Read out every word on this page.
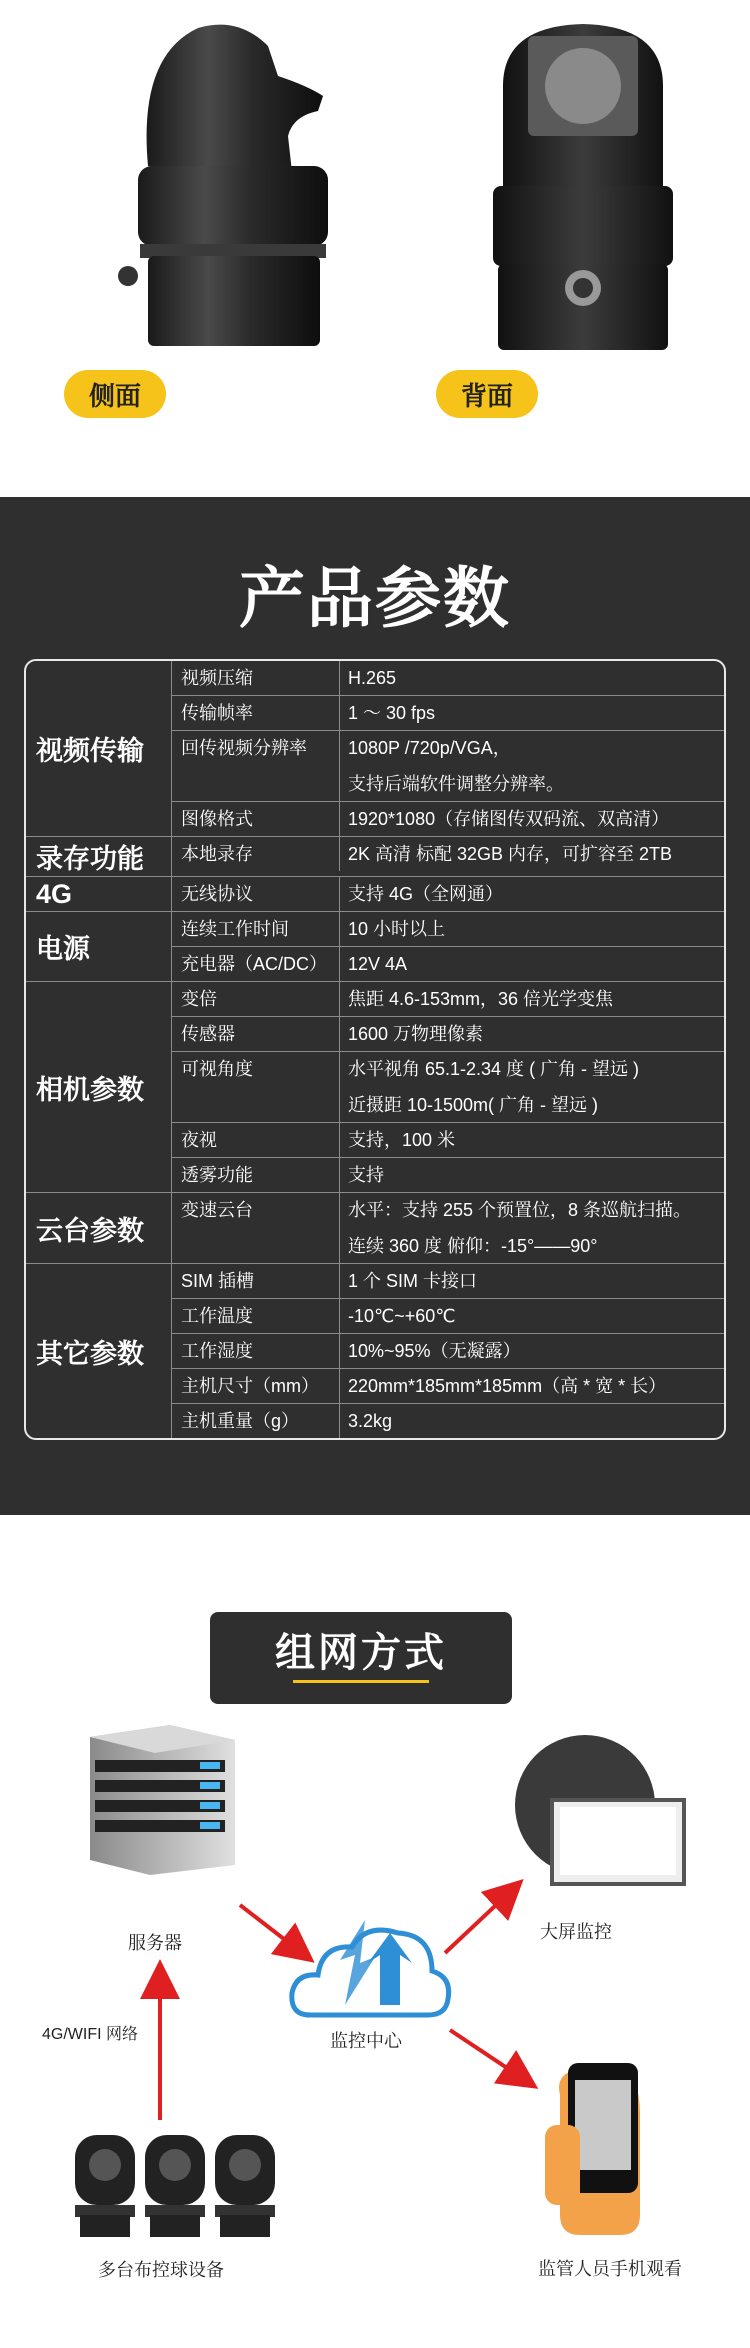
侧面	背面
产品参数
视频传输
视频压缩	H.265
传输帧率	1 ～ 30 fps
回传视频分辨率	1080P /720p/VGA，
支持后端软件调整分辨率。
图像格式	1920*1080（存储图传双码流、双高清）
录存功能	本地录存	2K 高清 标配 32GB 内存，可扩容至 2TB
4G	无线协议	支持 4G（全网通）
电源
连续工作时间	10 小时以上
充电器（AC/DC）	12V 4A
相机参数
变倍	焦距 4.6-153mm，36 倍光学变焦
传感器	1600 万物理像素
可视角度	水平视角 65.1-2.34 度 ( 广角 - 望远 )
近摄距 10-1500m( 广角 - 望远 )
夜视	支持，100 米
透雾功能	支持
云台参数
变速云台	水平：支持 255 个预置位，8 条巡航扫描。
连续 360 度 俯仰：-15°——90°
其它参数
SIM 插槽	1 个 SIM 卡接口
工作温度	-10℃~+60℃
工作湿度	10%~95%（无凝露）
主机尺寸（mm）	220mm*185mm*185mm（高 * 宽 * 长）
主机重量（g）	3.2kg
组网方式
服务器
4G/WIFI 网络
多台布控球设备
监控中心
大屏监控
监管人员手机观看
